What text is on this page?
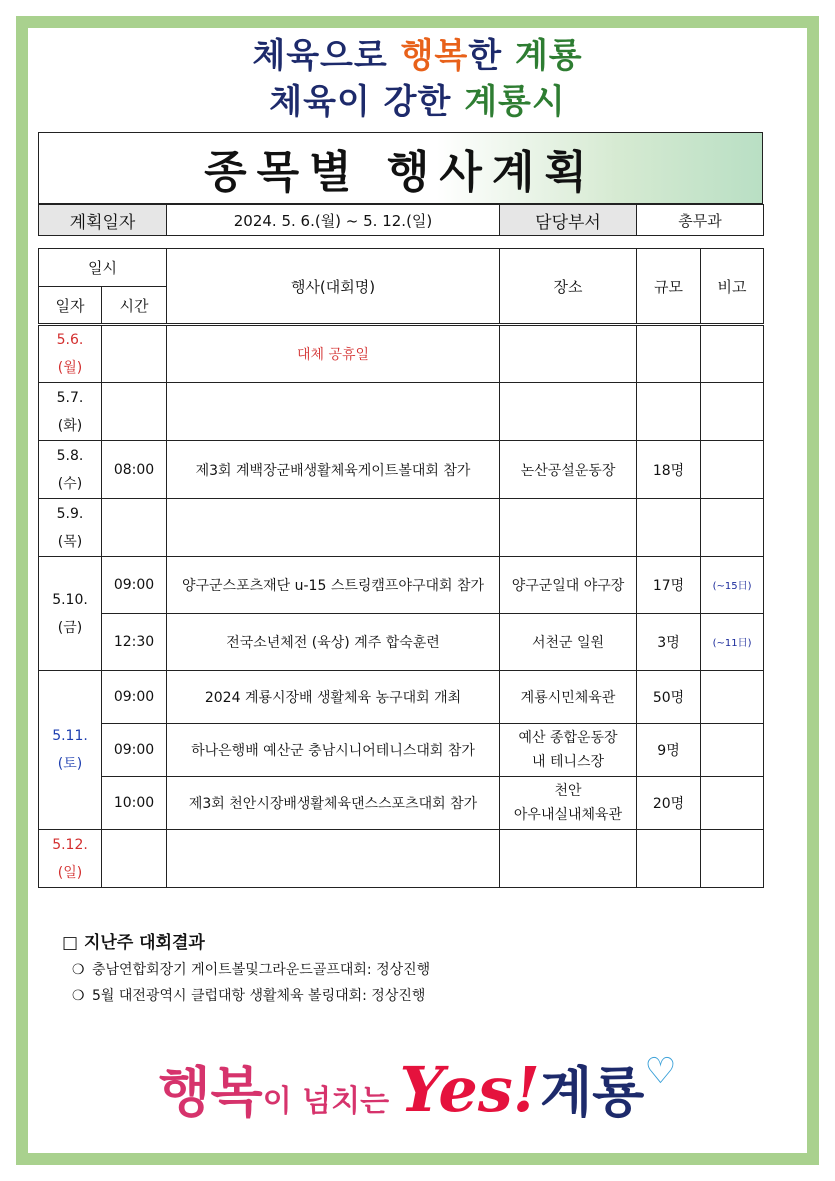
체육으로 행복한 계룡
체육이 강한 계룡시
종목별 행사계획
계획일자	2024. 5. 6.(월) ~ 5. 12.(일)	담당부서	총무과
일시		행사(대회명)	장소	규모	비고
일자	시간				

5.6.
(월)		대체 공휴일			

5.7.
(화)					

5.8.
(수)	08:00	제3회 계백장군배생활체육게이트볼대회 참가	논산공설운동장	18명	

5.9.
(목)					

5.10.
(금)	09:00	양구군스포츠재단 u-15 스트링캠프야구대회 참가	양구군일대 야구장	17명	(~15日)
	12:30	전국소년체전 (육상) 계주 합숙훈련	서천군 일원	3명	(~11日)

5.11.
(토)	09:00	2024 계룡시장배 생활체육 농구대회 개최	계룡시민체육관	50명	
	09:00	하나은행배 예산군 충남시니어테니스대회 참가	예산 종합운동장
내 테니스장	9명	
	10:00	제3회 천안시장배생활체육댄스스포츠대회 참가	천안
아우내실내체육관	20명	

5.12.
(일)					

□ 지난주 대회결과
❍ 충남연합회장기 게이트볼및그라운드골프대회: 정상진행
❍ 5월 대전광역시 클럽대항 생활체육 볼링대회: 정상진행
행복이 넘치는 Yes!계룡♡
